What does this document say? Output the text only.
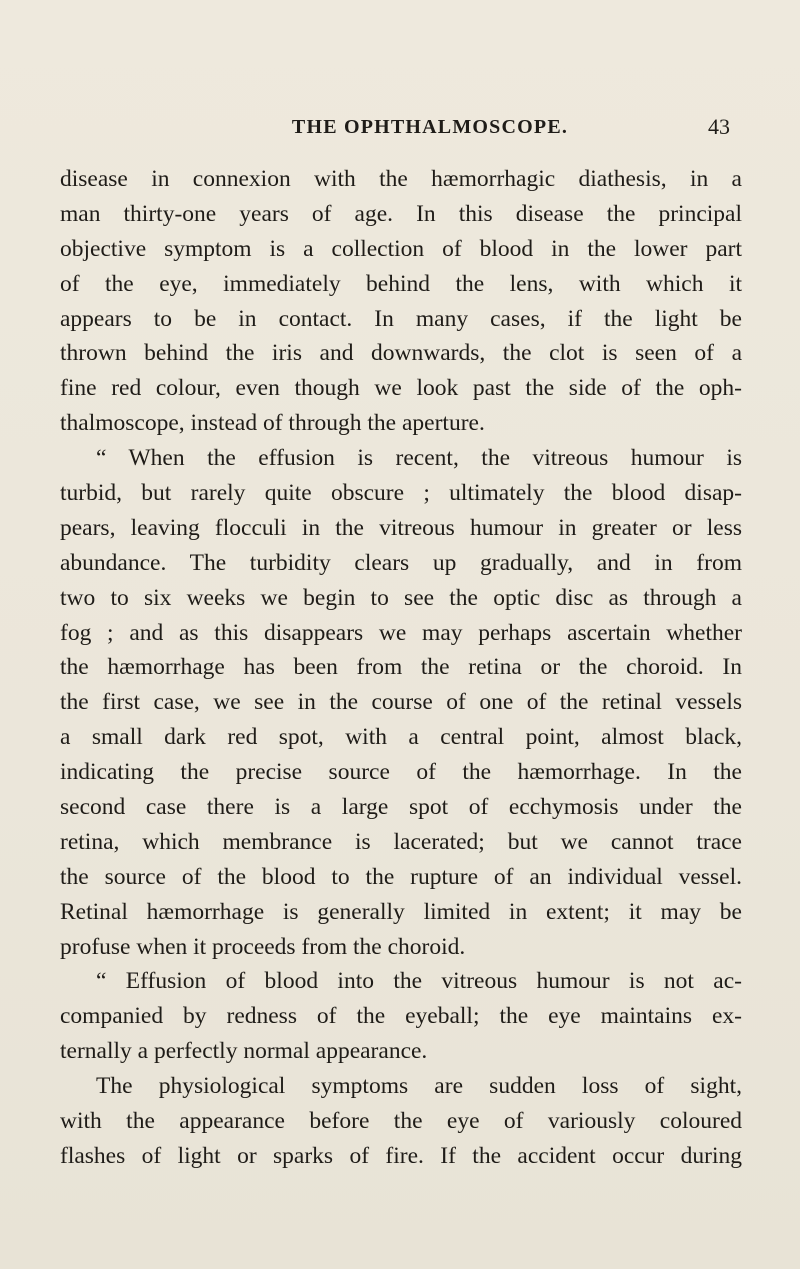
THE OPHTHALMOSCOPE.	43
disease in connexion with the hæmorrhagic diathesis, in a
man thirty-one years of age. In this disease the principal
objective symptom is a collection of blood in the lower part
of the eye, immediately behind the lens, with which it
appears to be in contact. In many cases, if the light be
thrown behind the iris and downwards, the clot is seen of a
fine red colour, even though we look past the side of the oph-
thalmoscope, instead of through the aperture.
“ When the effusion is recent, the vitreous humour is
turbid, but rarely quite obscure ; ultimately the blood disap-
pears, leaving flocculi in the vitreous humour in greater or less
abundance. The turbidity clears up gradually, and in from
two to six weeks we begin to see the optic disc as through a
fog ; and as this disappears we may perhaps ascertain whether
the hæmorrhage has been from the retina or the choroid. In
the first case, we see in the course of one of the retinal vessels
a small dark red spot, with a central point, almost black,
indicating the precise source of the hæmorrhage. In the
second case there is a large spot of ecchymosis under the
retina, which membrance is lacerated; but we cannot trace
the source of the blood to the rupture of an individual vessel.
Retinal hæmorrhage is generally limited in extent; it may be
profuse when it proceeds from the choroid.
“ Effusion of blood into the vitreous humour is not ac-
companied by redness of the eyeball; the eye maintains ex-
ternally a perfectly normal appearance.
The physiological symptoms are sudden loss of sight,
with the appearance before the eye of variously coloured
flashes of light or sparks of fire. If the accident occur during
